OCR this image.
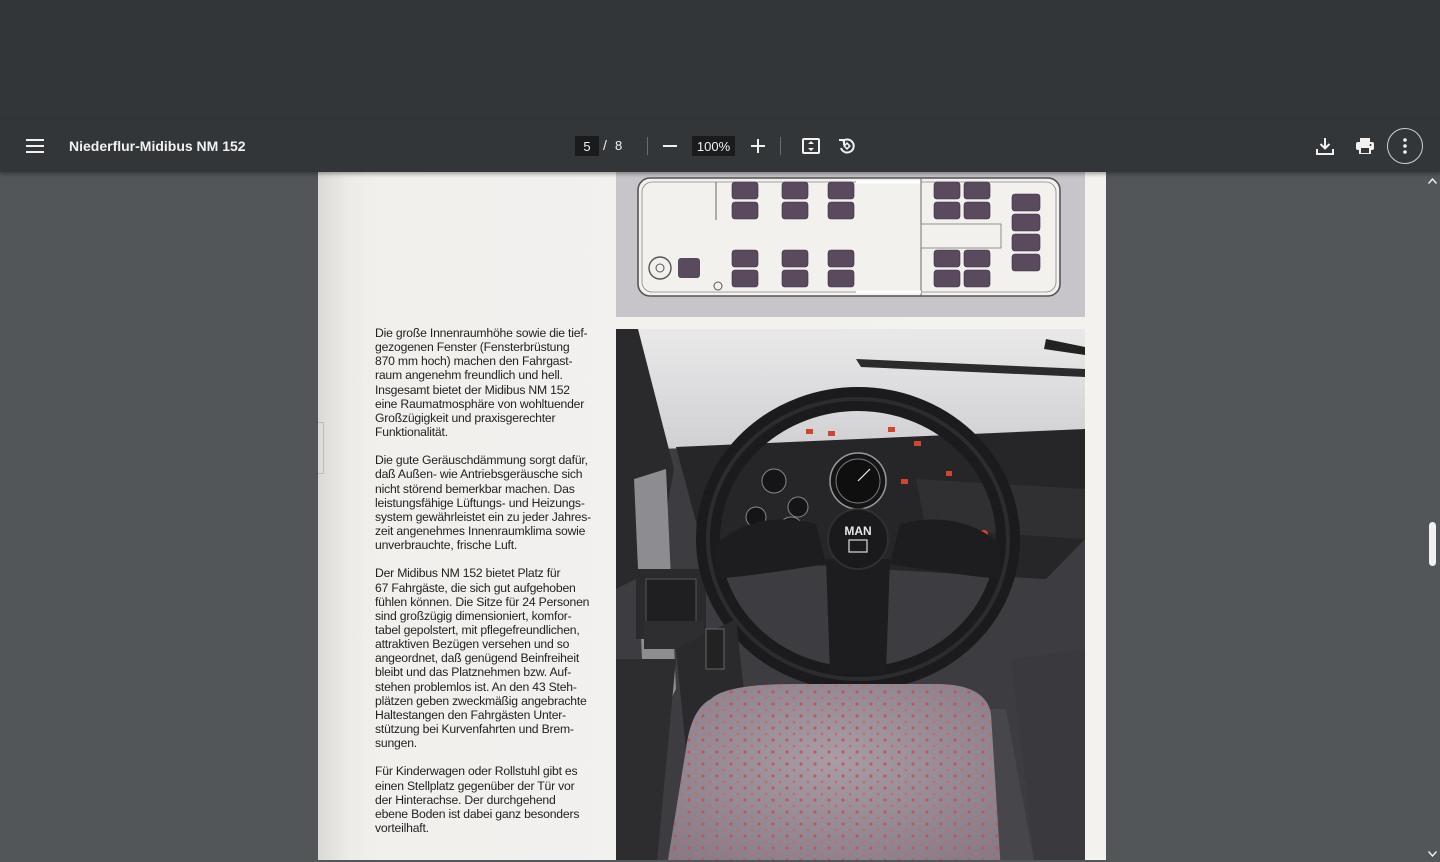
Niederflur-Midibus NM 152
5	/ 8
100%
MAN

Die große Innenraumhöhe sowie die tief-
gezogenen Fenster (Fensterbrüstung
870 mm hoch) machen den Fahrgast-
raum angenehm freundlich und hell.
Insgesamt bietet der Midibus NM 152
eine Raumatmosphäre von wohltuender
Großzügigkeit und praxisgerechter
Funktionalität.

Die gute Geräuschdämmung sorgt dafür,
daß Außen- wie Antriebsgeräusche sich
nicht störend bemerkbar machen. Das
leistungsfähige Lüftungs- und Heizungs-
system gewährleistet ein zu jeder Jahres-
zeit angenehmes Innenraumklima sowie
unverbrauchte, frische Luft.

Der Midibus NM 152 bietet Platz für
67 Fahrgäste, die sich gut aufgehoben
fühlen können. Die Sitze für 24 Personen
sind großzügig dimensioniert, komfor-
tabel gepolstert, mit pflegefreundlichen,
attraktiven Bezügen versehen und so
angeordnet, daß genügend Beinfreiheit
bleibt und das Platznehmen bzw. Auf-
stehen problemlos ist. An den 43 Steh-
plätzen geben zweckmäßig angebrachte
Haltestangen den Fahrgästen Unter-
stützung bei Kurvenfahrten und Brem-
sungen.

Für Kinderwagen oder Rollstuhl gibt es
einen Stellplatz gegenüber der Tür vor
der Hinterachse. Der durchgehend
ebene Boden ist dabei ganz besonders
vorteilhaft.
